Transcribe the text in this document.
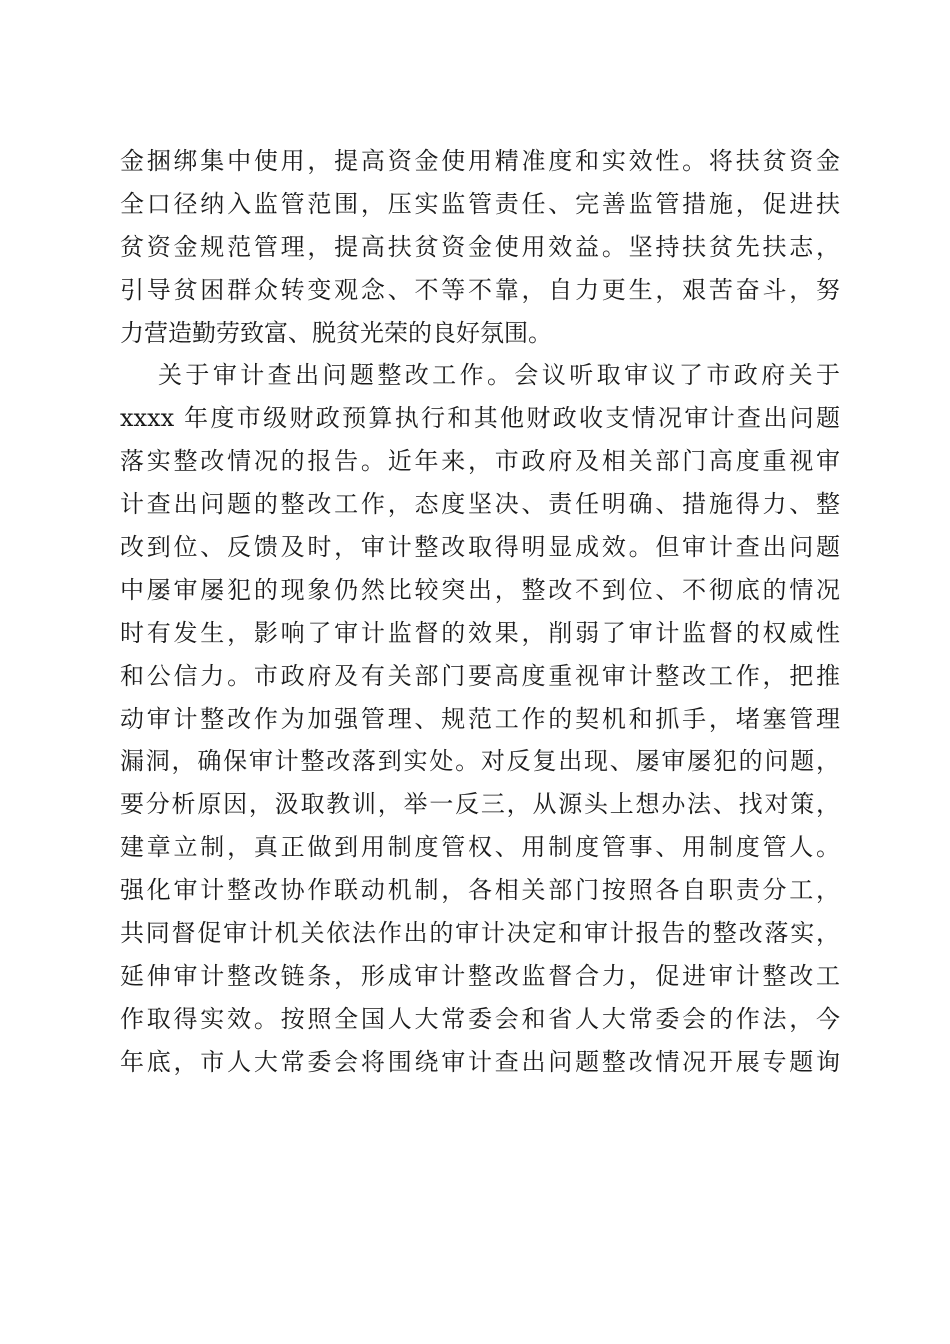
金捆绑集中使用，提高资金使用精准度和实效性。将扶贫资金
全口径纳入监管范围，压实监管责任、完善监管措施，促进扶
贫资金规范管理，提高扶贫资金使用效益。坚持扶贫先扶志，
引导贫困群众转变观念、不等不靠，自力更生，艰苦奋斗，努
力营造勤劳致富、脱贫光荣的良好氛围。
关于审计查出问题整改工作。会议听取审议了市政府关于
xxxx 年度市级财政预算执行和其他财政收支情况审计查出问题
落实整改情况的报告。近年来，市政府及相关部门高度重视审
计查出问题的整改工作，态度坚决、责任明确、措施得力、整
改到位、反馈及时，审计整改取得明显成效。但审计查出问题
中屡审屡犯的现象仍然比较突出，整改不到位、不彻底的情况
时有发生，影响了审计监督的效果，削弱了审计监督的权威性
和公信力。市政府及有关部门要高度重视审计整改工作，把推
动审计整改作为加强管理、规范工作的契机和抓手，堵塞管理
漏洞，确保审计整改落到实处。对反复出现、屡审屡犯的问题，
要分析原因，汲取教训，举一反三，从源头上想办法、找对策，
建章立制，真正做到用制度管权、用制度管事、用制度管人。
强化审计整改协作联动机制，各相关部门按照各自职责分工，
共同督促审计机关依法作出的审计决定和审计报告的整改落实，
延伸审计整改链条，形成审计整改监督合力，促进审计整改工
作取得实效。按照全国人大常委会和省人大常委会的作法，今
年底，市人大常委会将围绕审计查出问题整改情况开展专题询
